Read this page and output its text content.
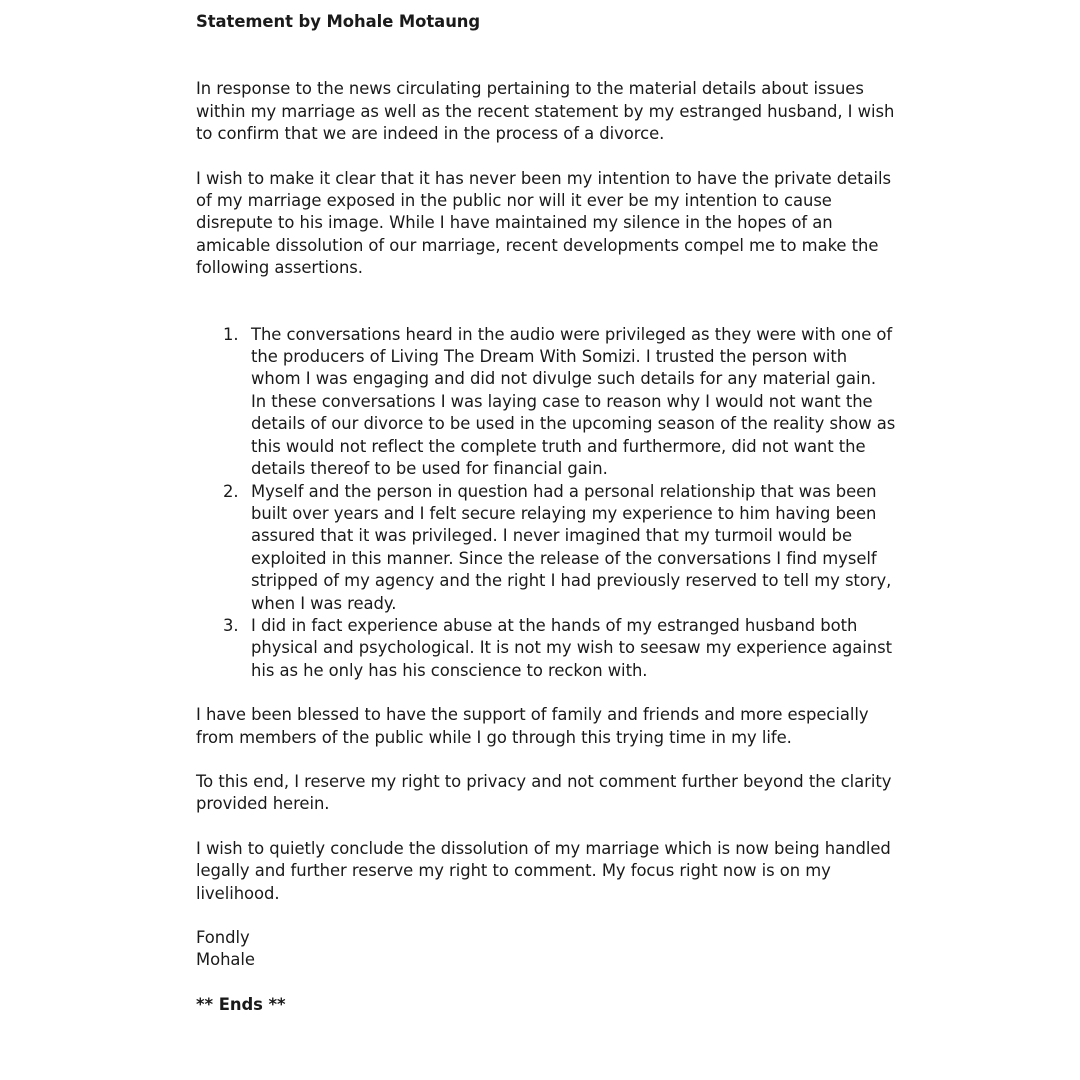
Statement by Mohale Motaung

In response to the news circulating pertaining to the material details about issues within my marriage as well as the recent statement by my estranged husband, I wish to confirm that we are indeed in the process of a divorce.

I wish to make it clear that it has never been my intention to have the private details of my marriage exposed in the public nor will it ever be my intention to cause disrepute to his image. While I have maintained my silence in the hopes of an amicable dissolution of our marriage, recent developments compel me to make the following assertions.

1. The conversations heard in the audio were privileged as they were with one of the producers of Living The Dream With Somizi. I trusted the person with whom I was engaging and did not divulge such details for any material gain. In these conversations I was laying case to reason why I would not want the details of our divorce to be used in the upcoming season of the reality show as this would not reflect the complete truth and furthermore, did not want the details thereof to be used for financial gain.
2. Myself and the person in question had a personal relationship that was been built over years and I felt secure relaying my experience to him having been assured that it was privileged. I never imagined that my turmoil would be exploited in this manner. Since the release of the conversations I find myself stripped of my agency and the right I had previously reserved to tell my story, when I was ready.
3. I did in fact experience abuse at the hands of my estranged husband both physical and psychological. It is not my wish to seesaw my experience against his as he only has his conscience to reckon with.

I have been blessed to have the support of family and friends and more especially from members of the public while I go through this trying time in my life.

To this end, I reserve my right to privacy and not comment further beyond the clarity provided herein.

I wish to quietly conclude the dissolution of my marriage which is now being handled legally and further reserve my right to comment. My focus right now is on my livelihood.

Fondly

Mohale

** Ends **
